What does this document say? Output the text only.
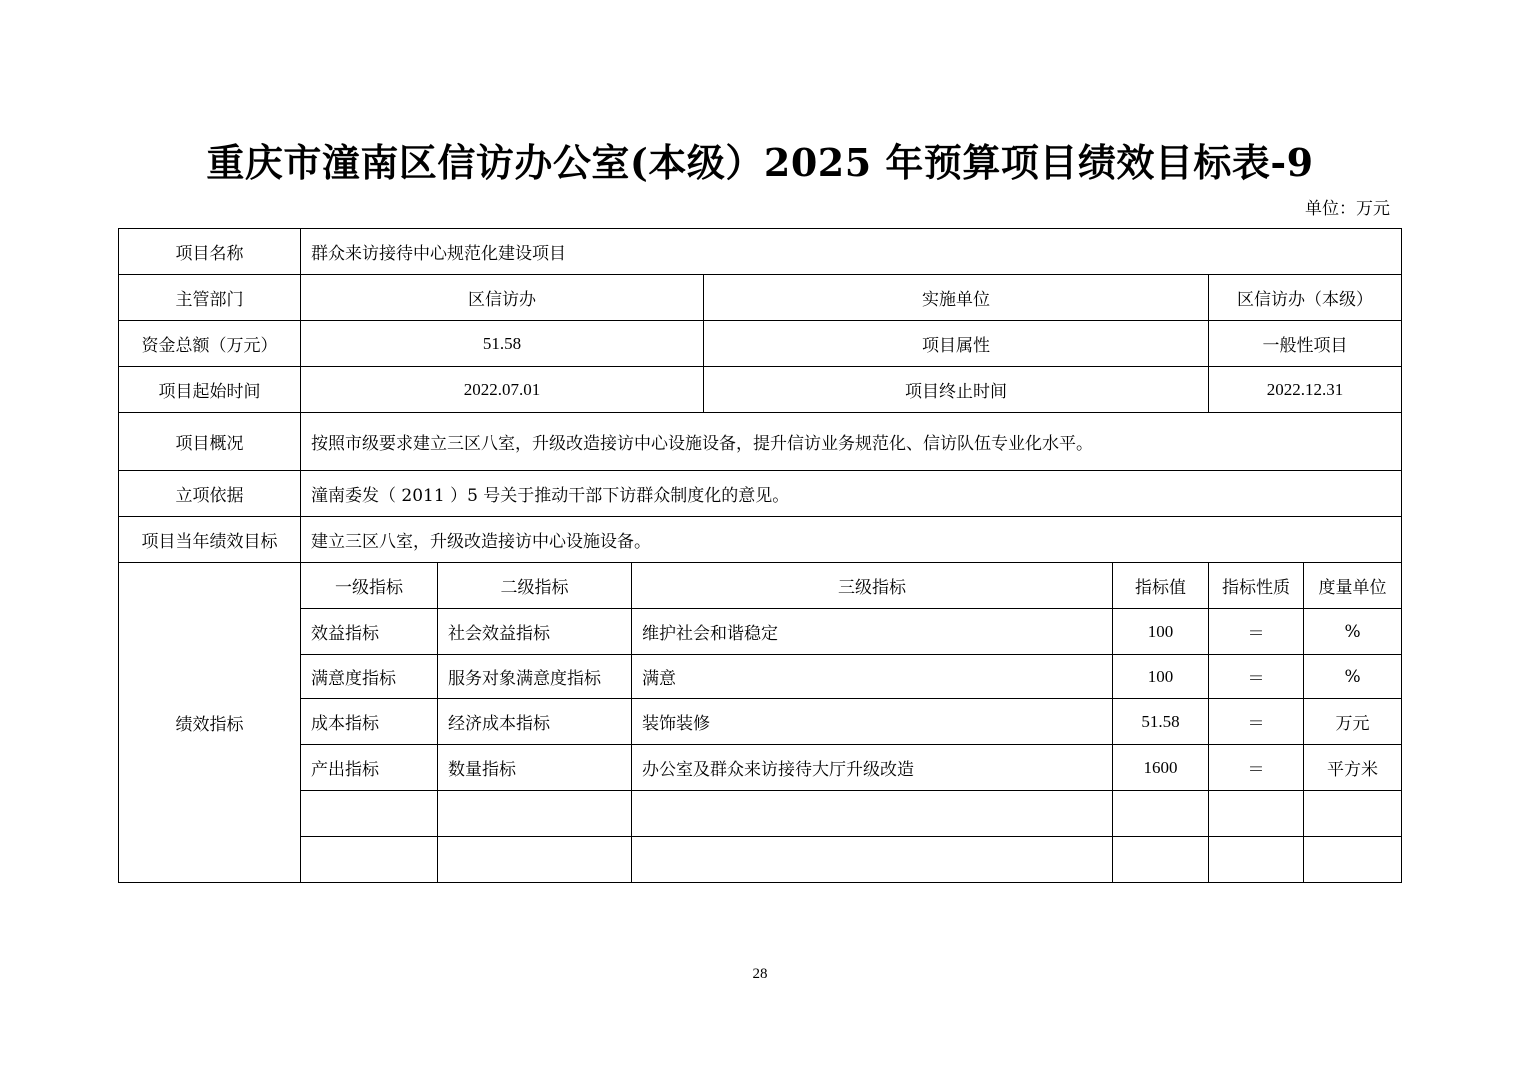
重庆市潼南区信访办公室(本级）2025 年预算项目绩效目标表-9
单位：万元
项目名称	群众来访接待中心规范化建设项目						
主管部门	区信访办			实施单位		区信访办（本级）	
资金总额（万元）	51.58			项目属性		一般性项目	
项目起始时间	2022.07.01			项目终止时间		2022.12.31	
项目概况	按照市级要求建立三区八室，升级改造接访中心设施设备，提升信访业务规范化、信访队伍专业化水平。						
立项依据	潼南委发（ 2011 ）5 号关于推动干部下访群众制度化的意见。						
项目当年绩效目标	建立三区八室，升级改造接访中心设施设备。						
绩效指标	一级指标	二级指标	三级指标		指标值	指标性质	度量单位
	效益指标	社会效益指标	维护社会和谐稳定		100	＝	%
	满意度指标	服务对象满意度指标	满意		100	＝	%
	成本指标	经济成本指标	装饰装修		51.58	＝	万元
	产出指标	数量指标	办公室及群众来访接待大厅升级改造		1600	＝	平方米

28
